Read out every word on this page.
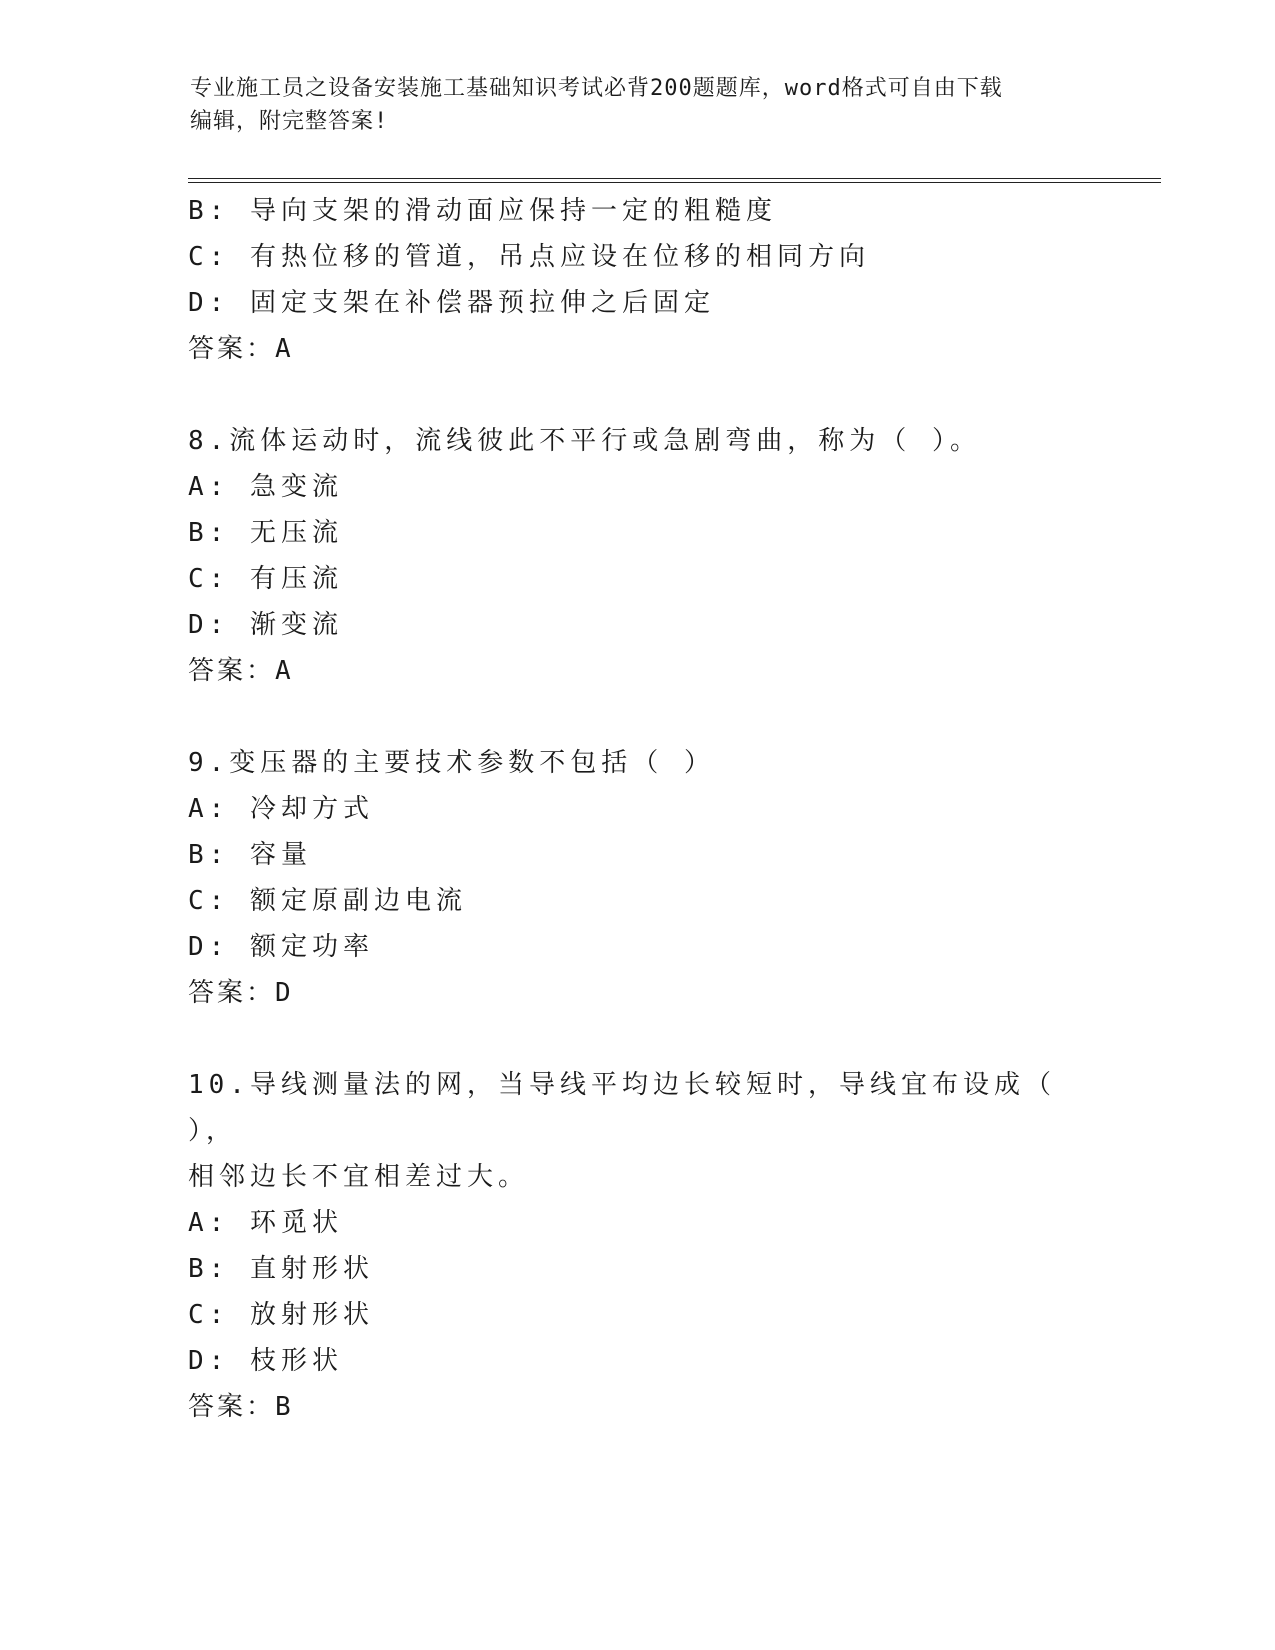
专业施工员之设备安装施工基础知识考试必背200题题库，word格式可自由下载
编辑，附完整答案!
B: 导向支架的滑动面应保持一定的粗糙度
C: 有热位移的管道，吊点应设在位移的相同方向
D: 固定支架在补偿器预拉伸之后固定
答案：A
8.流体运动时，流线彼此不平行或急剧弯曲，称为（ ）。
A: 急变流
B: 无压流
C: 有压流
D: 渐变流
答案：A
9.变压器的主要技术参数不包括（ ）
A: 冷却方式
B: 容量
C: 额定原副边电流
D: 额定功率
答案：D
10.导线测量法的网，当导线平均边长较短时，导线宜布设成（ ），
相邻边长不宜相差过大。
A: 环觅状
B: 直射形状
C: 放射形状
D: 枝形状
答案：B
